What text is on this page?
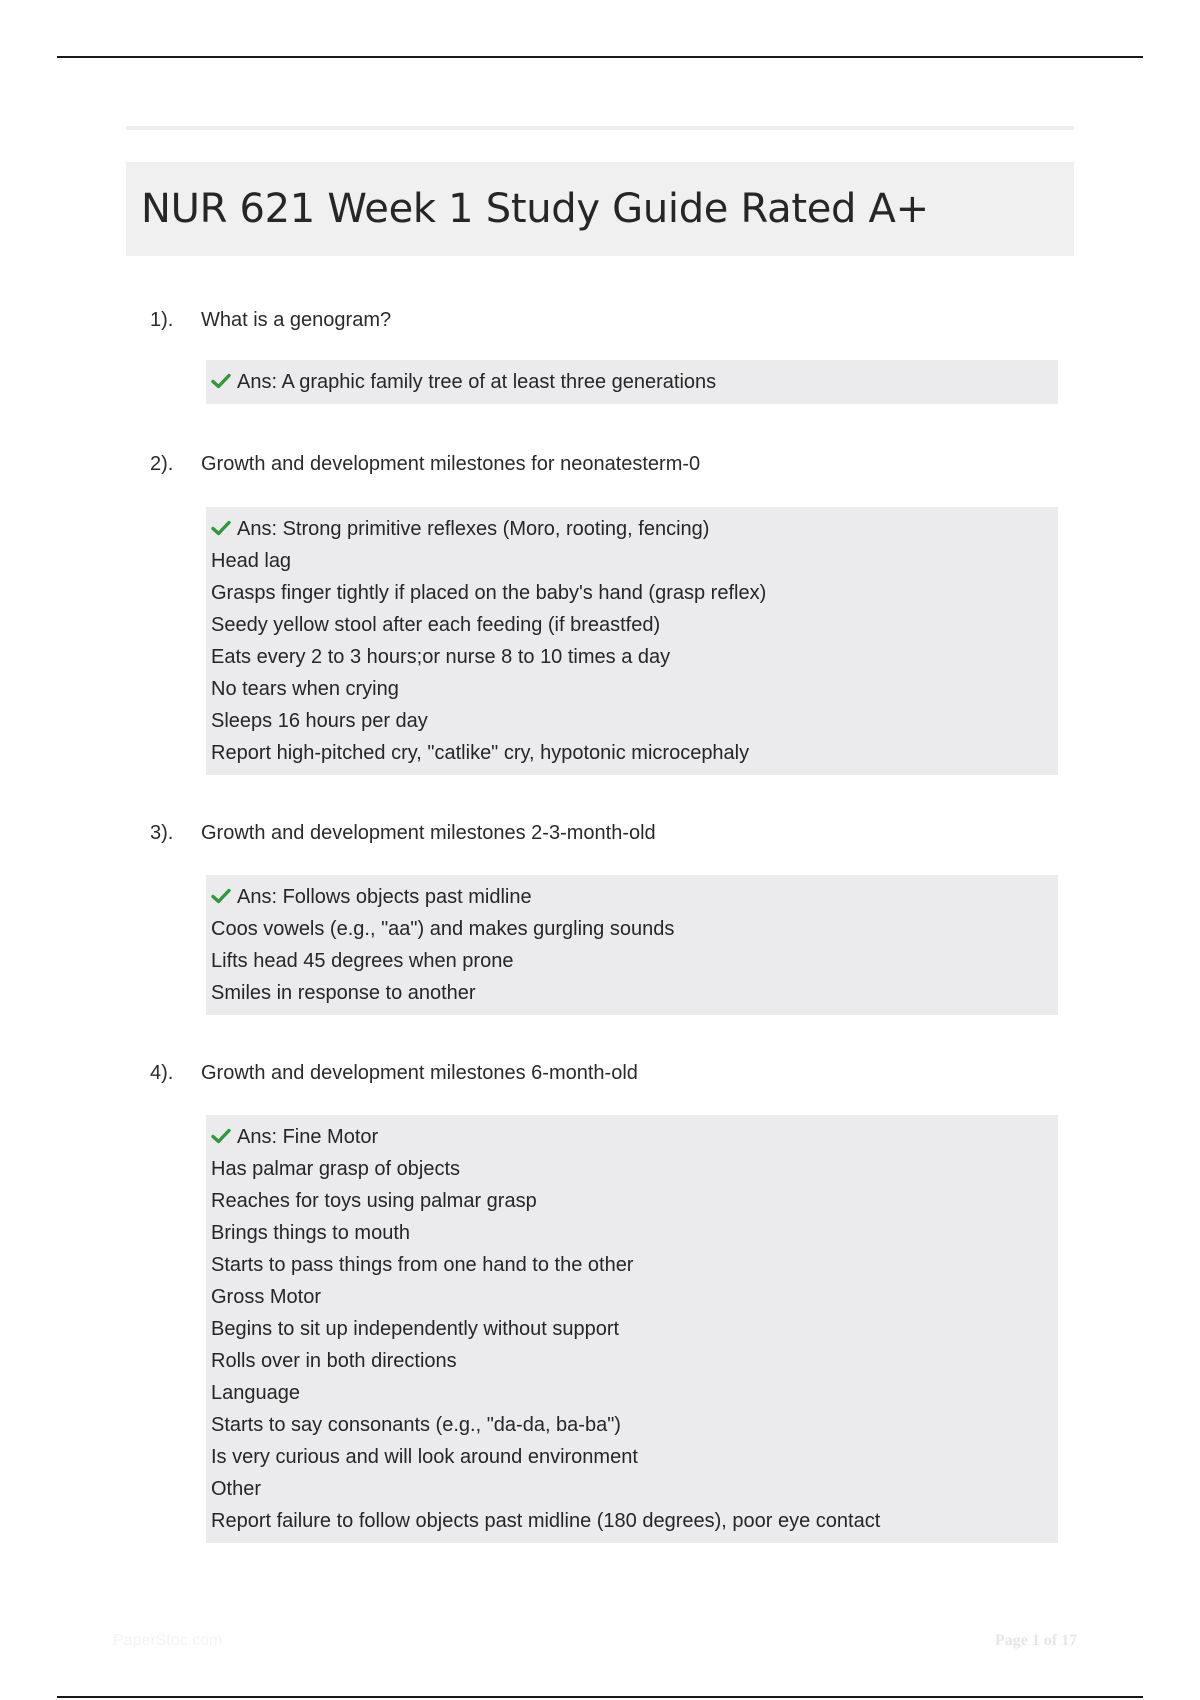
NUR 621 Week 1 Study Guide Rated A+
1). What is a genogram?
Ans: A graphic family tree of at least three generations
2). Growth and development milestones for neonatesterm-0
Ans: Strong primitive reflexes (Moro, rooting, fencing)
Head lag
Grasps finger tightly if placed on the baby's hand (grasp reflex)
Seedy yellow stool after each feeding (if breastfed)
Eats every 2 to 3 hours;or nurse 8 to 10 times a day
No tears when crying
Sleeps 16 hours per day
Report high-pitched cry, "catlike" cry, hypotonic microcephaly
3). Growth and development milestones 2-3-month-old
Ans: Follows objects past midline
Coos vowels (e.g., "aa") and makes gurgling sounds
Lifts head 45 degrees when prone
Smiles in response to another
4). Growth and development milestones 6-month-old
Ans: Fine Motor
Has palmar grasp of objects
Reaches for toys using palmar grasp
Brings things to mouth
Starts to pass things from one hand to the other
Gross Motor
Begins to sit up independently without support
Rolls over in both directions
Language
Starts to say consonants (e.g., "da-da, ba-ba")
Is very curious and will look around environment
Other
Report failure to follow objects past midline (180 degrees), poor eye contact
PaperStoc.com	Page 1 of 17
